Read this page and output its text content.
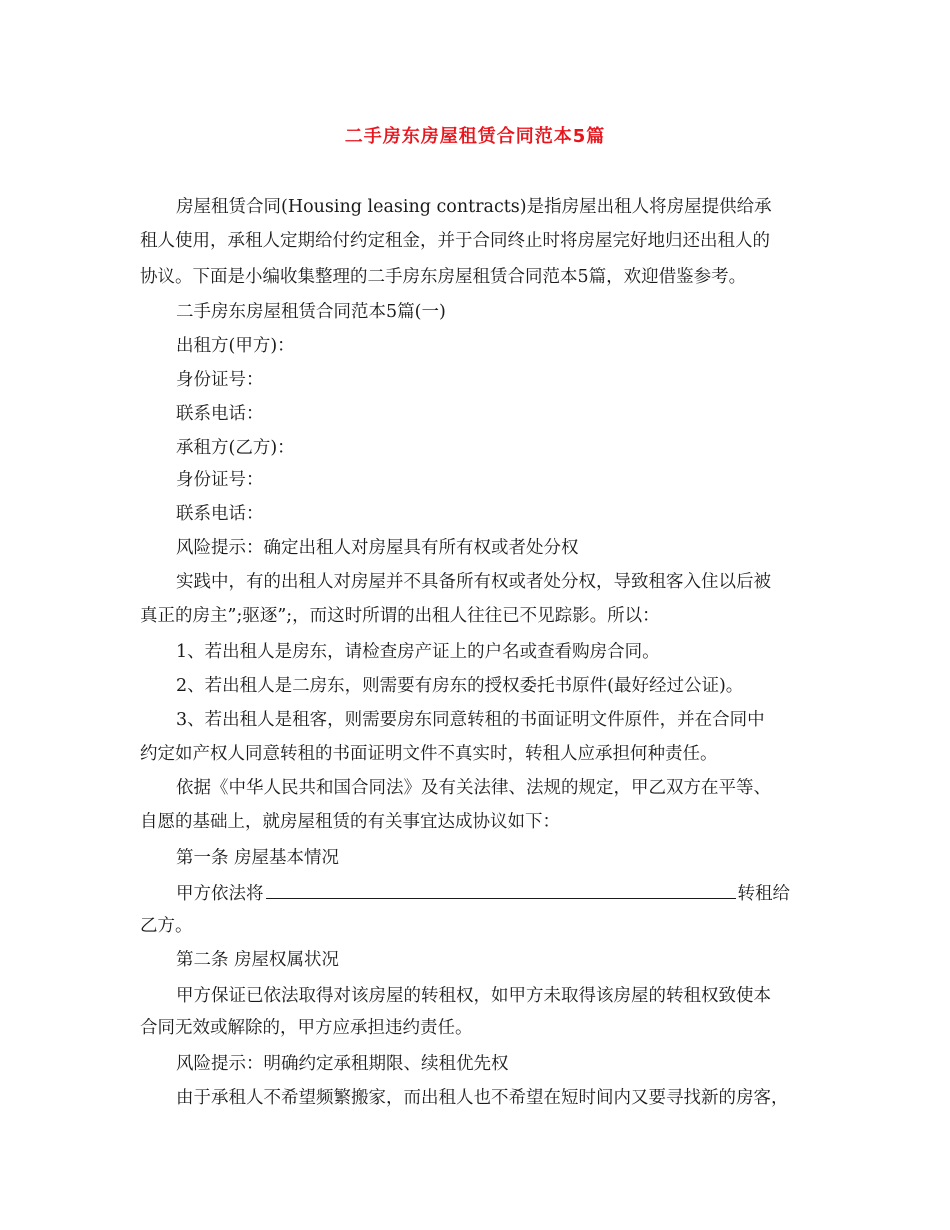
二手房东房屋租赁合同范本5篇
房屋租赁合同(Housing leasing contracts)是指房屋出租人将房屋提供给承
租人使用，承租人定期给付约定租金，并于合同终止时将房屋完好地归还出租人的
协议。下面是小编收集整理的二手房东房屋租赁合同范本5篇，欢迎借鉴参考。
二手房东房屋租赁合同范本5篇(一)
出租方(甲方)：
身份证号：
联系电话：
承租方(乙方)：
身份证号：
联系电话：
风险提示：确定出租人对房屋具有所有权或者处分权
实践中，有的出租人对房屋并不具备所有权或者处分权，导致租客入住以后被
真正的房主”;驱逐”;，而这时所谓的出租人往往已不见踪影。所以：
1、若出租人是房东，请检查房产证上的户名或查看购房合同。
2、若出租人是二房东，则需要有房东的授权委托书原件(最好经过公证)。
3、若出租人是租客，则需要房东同意转租的书面证明文件原件，并在合同中
约定如产权人同意转租的书面证明文件不真实时，转租人应承担何种责任。
依据《中华人民共和国合同法》及有关法律、法规的规定，甲乙双方在平等、
自愿的基础上，就房屋租赁的有关事宜达成协议如下：
第一条 房屋基本情况
甲方依法将	转租给
乙方。
第二条 房屋权属状况
甲方保证已依法取得对该房屋的转租权，如甲方未取得该房屋的转租权致使本
合同无效或解除的，甲方应承担违约责任。
风险提示：明确约定承租期限、续租优先权
由于承租人不希望频繁搬家，而出租人也不希望在短时间内又要寻找新的房客，
